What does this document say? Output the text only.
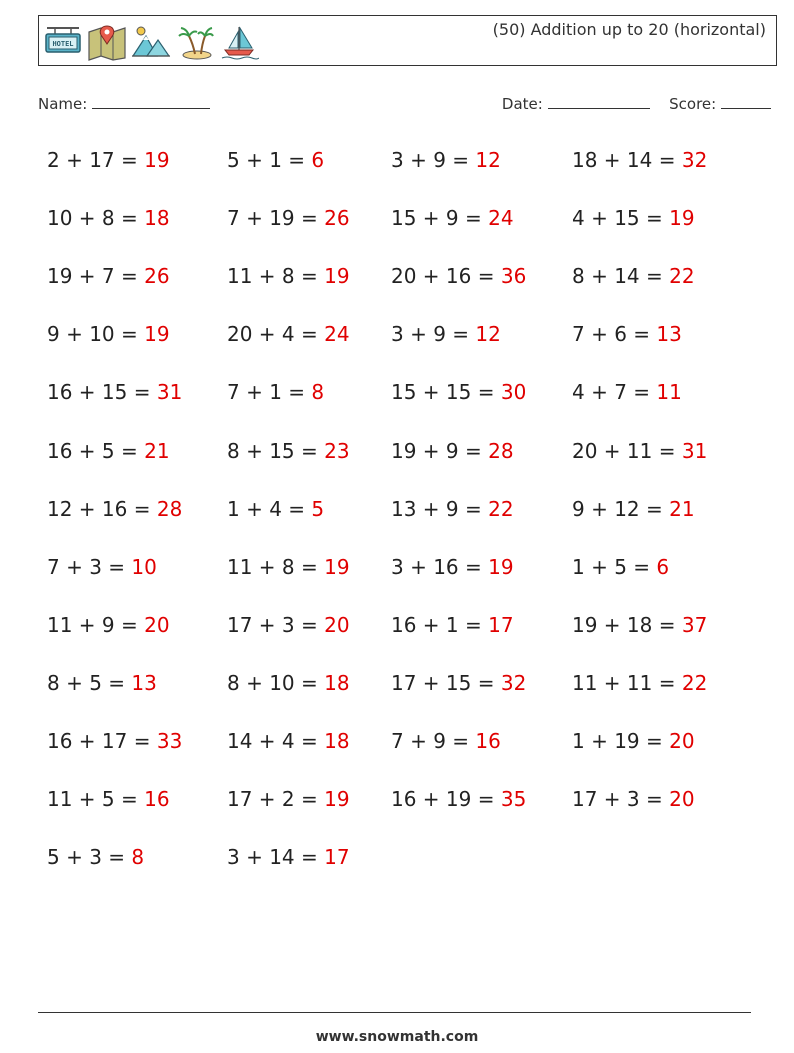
HOTEL
(50) Addition up to 20 (horizontal)
Name:	Date:	Score:
2 + 17 = 19
10 + 8 = 18
19 + 7 = 26
9 + 10 = 19
16 + 15 = 31
16 + 5 = 21
12 + 16 = 28
7 + 3 = 10
11 + 9 = 20
8 + 5 = 13
16 + 17 = 33
11 + 5 = 16
5 + 3 = 8
5 + 1 = 6
7 + 19 = 26
11 + 8 = 19
20 + 4 = 24
7 + 1 = 8
8 + 15 = 23
1 + 4 = 5
11 + 8 = 19
17 + 3 = 20
8 + 10 = 18
14 + 4 = 18
17 + 2 = 19
3 + 14 = 17
3 + 9 = 12
15 + 9 = 24
20 + 16 = 36
3 + 9 = 12
15 + 15 = 30
19 + 9 = 28
13 + 9 = 22
3 + 16 = 19
16 + 1 = 17
17 + 15 = 32
7 + 9 = 16
16 + 19 = 35
18 + 14 = 32
4 + 15 = 19
8 + 14 = 22
7 + 6 = 13
4 + 7 = 11
20 + 11 = 31
9 + 12 = 21
1 + 5 = 6
19 + 18 = 37
11 + 11 = 22
1 + 19 = 20
17 + 3 = 20
www.snowmath.com
